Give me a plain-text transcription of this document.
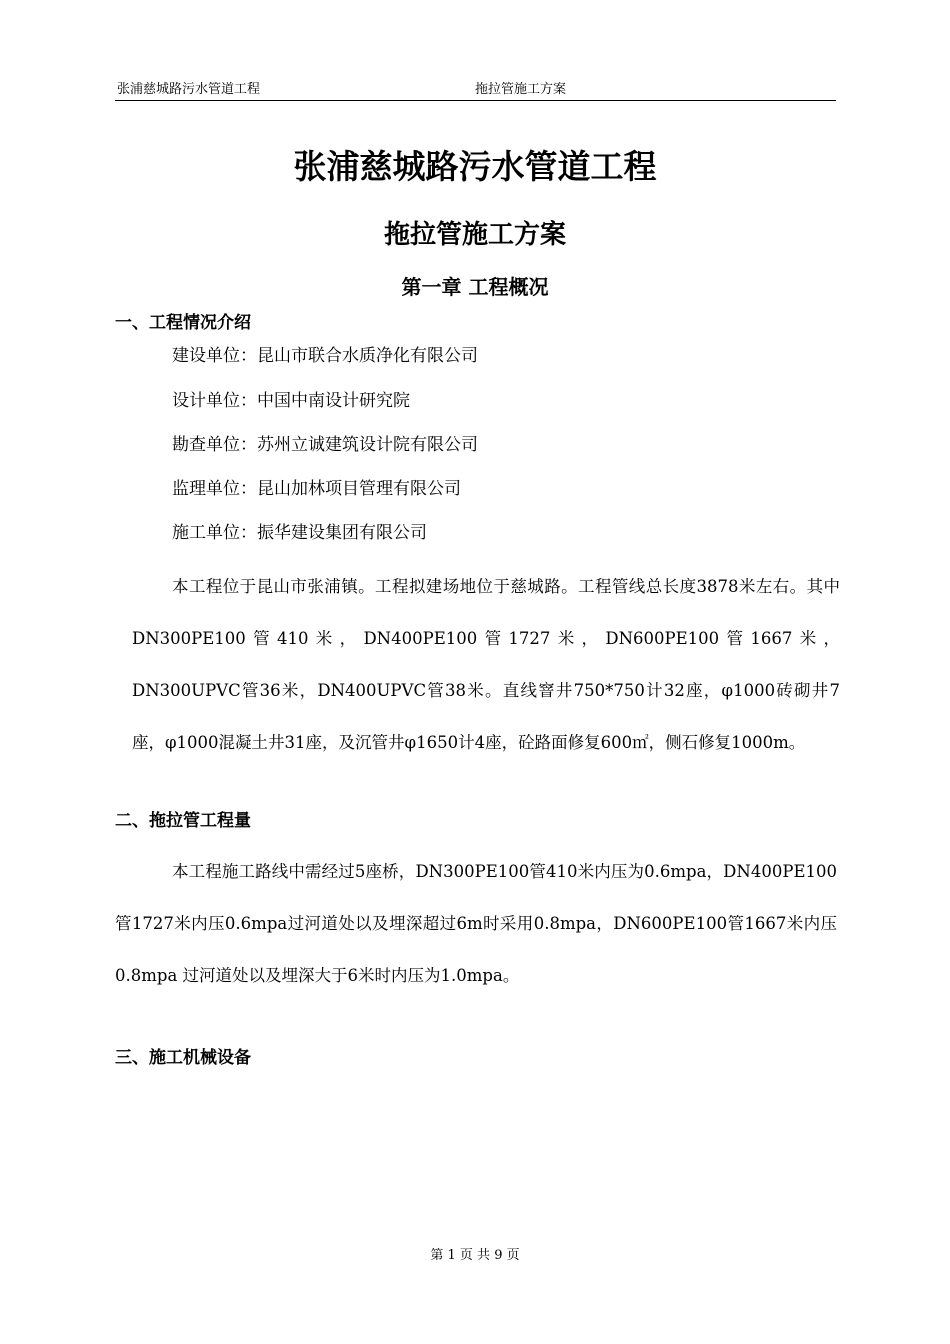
张浦慈城路污水管道工程	拖拉管施工方案
张浦慈城路污水管道工程
拖拉管施工方案
第一章 工程概况
一、工程情况介绍
建设单位：昆山市联合水质净化有限公司
设计单位：中国中南设计研究院
勘查单位：苏州立诚建筑设计院有限公司
监理单位：昆山加林项目管理有限公司
施工单位：振华建设集团有限公司

本工程位于昆山市张浦镇。工程拟建场地位于慈城路。工程管线总长度3878米左右。其中DN300PE100管410米，DN400PE100管1727米，DN600PE100管1667米，DN300UPVC管36米，DN400UPVC管38米。直线窨井750*750计32座，φ1000砖砌井7座，φ1000混凝土井31座，及沉管井φ1650计4座，砼路面修复600㎡，侧石修复1000m。

二、拖拉管工程量

本工程施工路线中需经过5座桥，DN300PE100管410米内压为0.6mpa，DN400PE100管1727米内压0.6mpa过河道处以及埋深超过6m时采用0.8mpa，DN600PE100管1667米内压0.8mpa 过河道处以及埋深大于6米时内压为1.0mpa。

三、施工机械设备
第 1 页 共 9 页
